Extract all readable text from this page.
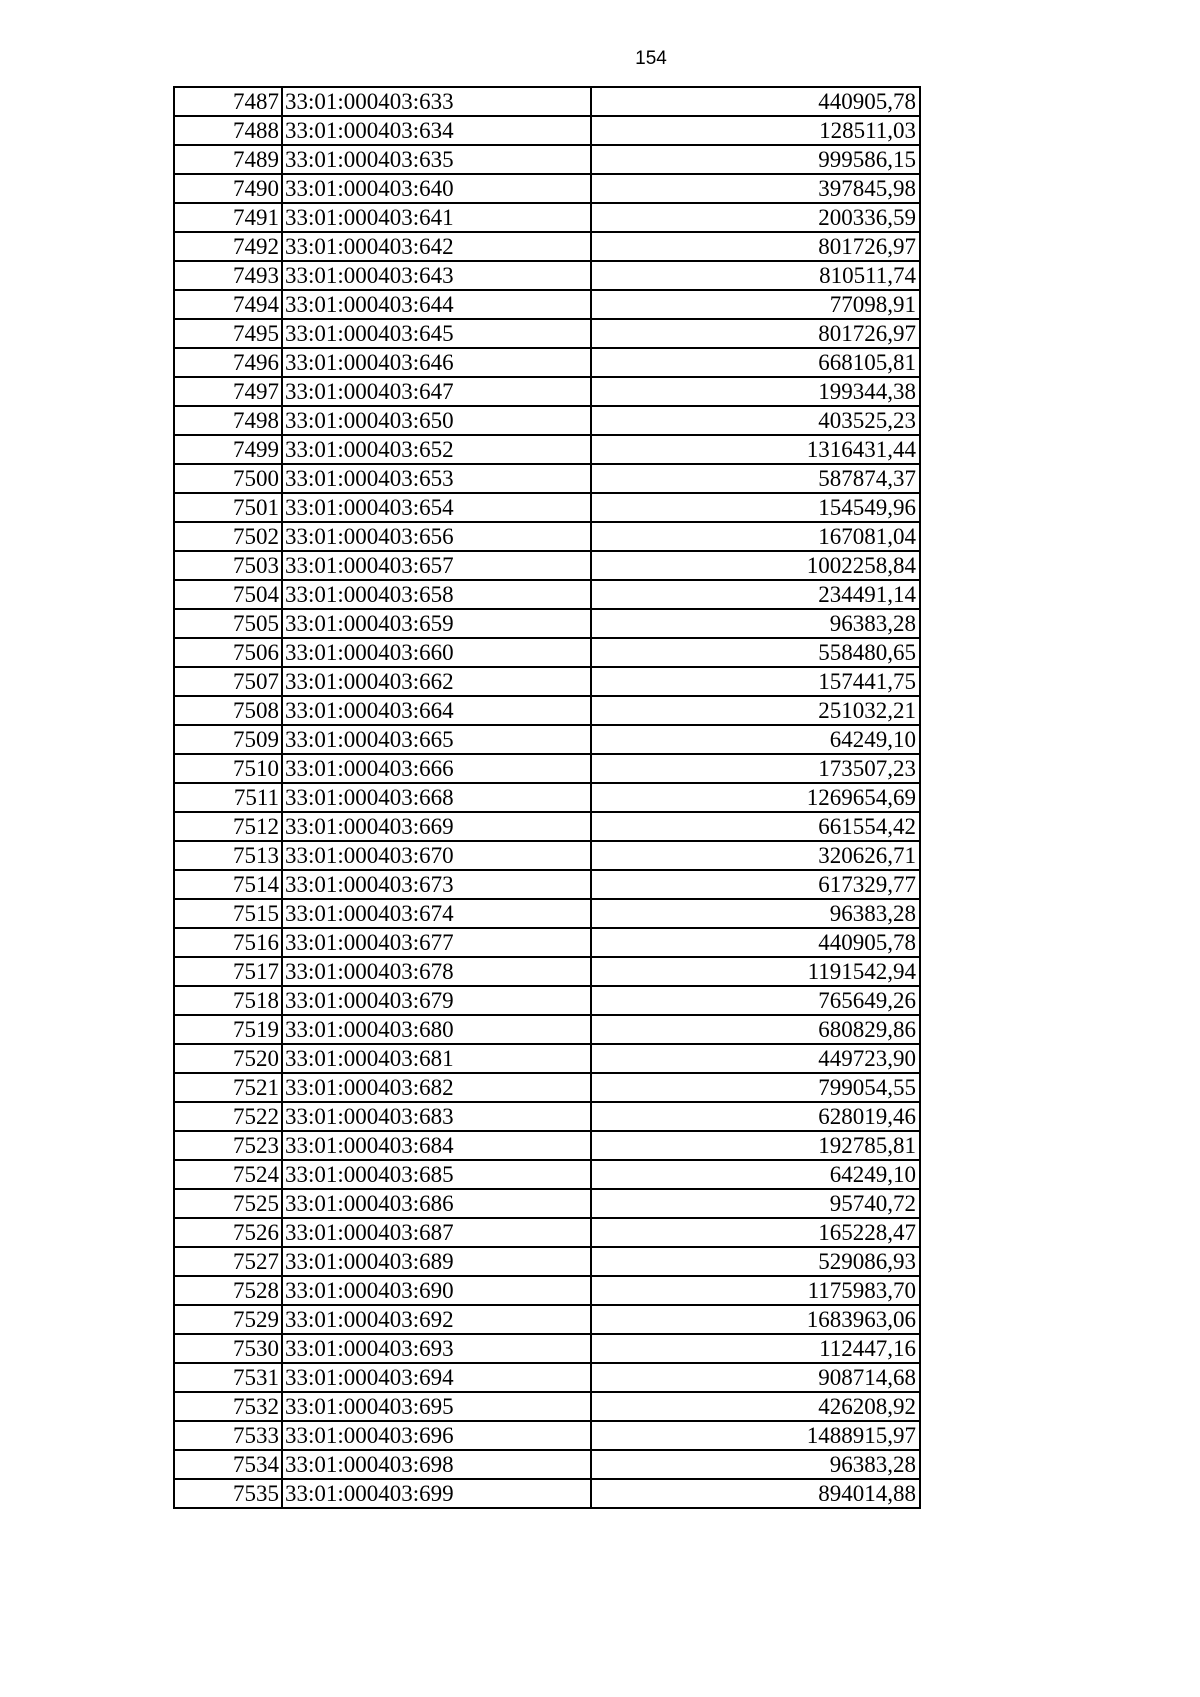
154
7487	33:01:000403:633	440905,78
7488	33:01:000403:634	128511,03
7489	33:01:000403:635	999586,15
7490	33:01:000403:640	397845,98
7491	33:01:000403:641	200336,59
7492	33:01:000403:642	801726,97
7493	33:01:000403:643	810511,74
7494	33:01:000403:644	77098,91
7495	33:01:000403:645	801726,97
7496	33:01:000403:646	668105,81
7497	33:01:000403:647	199344,38
7498	33:01:000403:650	403525,23
7499	33:01:000403:652	1316431,44
7500	33:01:000403:653	587874,37
7501	33:01:000403:654	154549,96
7502	33:01:000403:656	167081,04
7503	33:01:000403:657	1002258,84
7504	33:01:000403:658	234491,14
7505	33:01:000403:659	96383,28
7506	33:01:000403:660	558480,65
7507	33:01:000403:662	157441,75
7508	33:01:000403:664	251032,21
7509	33:01:000403:665	64249,10
7510	33:01:000403:666	173507,23
7511	33:01:000403:668	1269654,69
7512	33:01:000403:669	661554,42
7513	33:01:000403:670	320626,71
7514	33:01:000403:673	617329,77
7515	33:01:000403:674	96383,28
7516	33:01:000403:677	440905,78
7517	33:01:000403:678	1191542,94
7518	33:01:000403:679	765649,26
7519	33:01:000403:680	680829,86
7520	33:01:000403:681	449723,90
7521	33:01:000403:682	799054,55
7522	33:01:000403:683	628019,46
7523	33:01:000403:684	192785,81
7524	33:01:000403:685	64249,10
7525	33:01:000403:686	95740,72
7526	33:01:000403:687	165228,47
7527	33:01:000403:689	529086,93
7528	33:01:000403:690	1175983,70
7529	33:01:000403:692	1683963,06
7530	33:01:000403:693	112447,16
7531	33:01:000403:694	908714,68
7532	33:01:000403:695	426208,92
7533	33:01:000403:696	1488915,97
7534	33:01:000403:698	96383,28
7535	33:01:000403:699	894014,88
